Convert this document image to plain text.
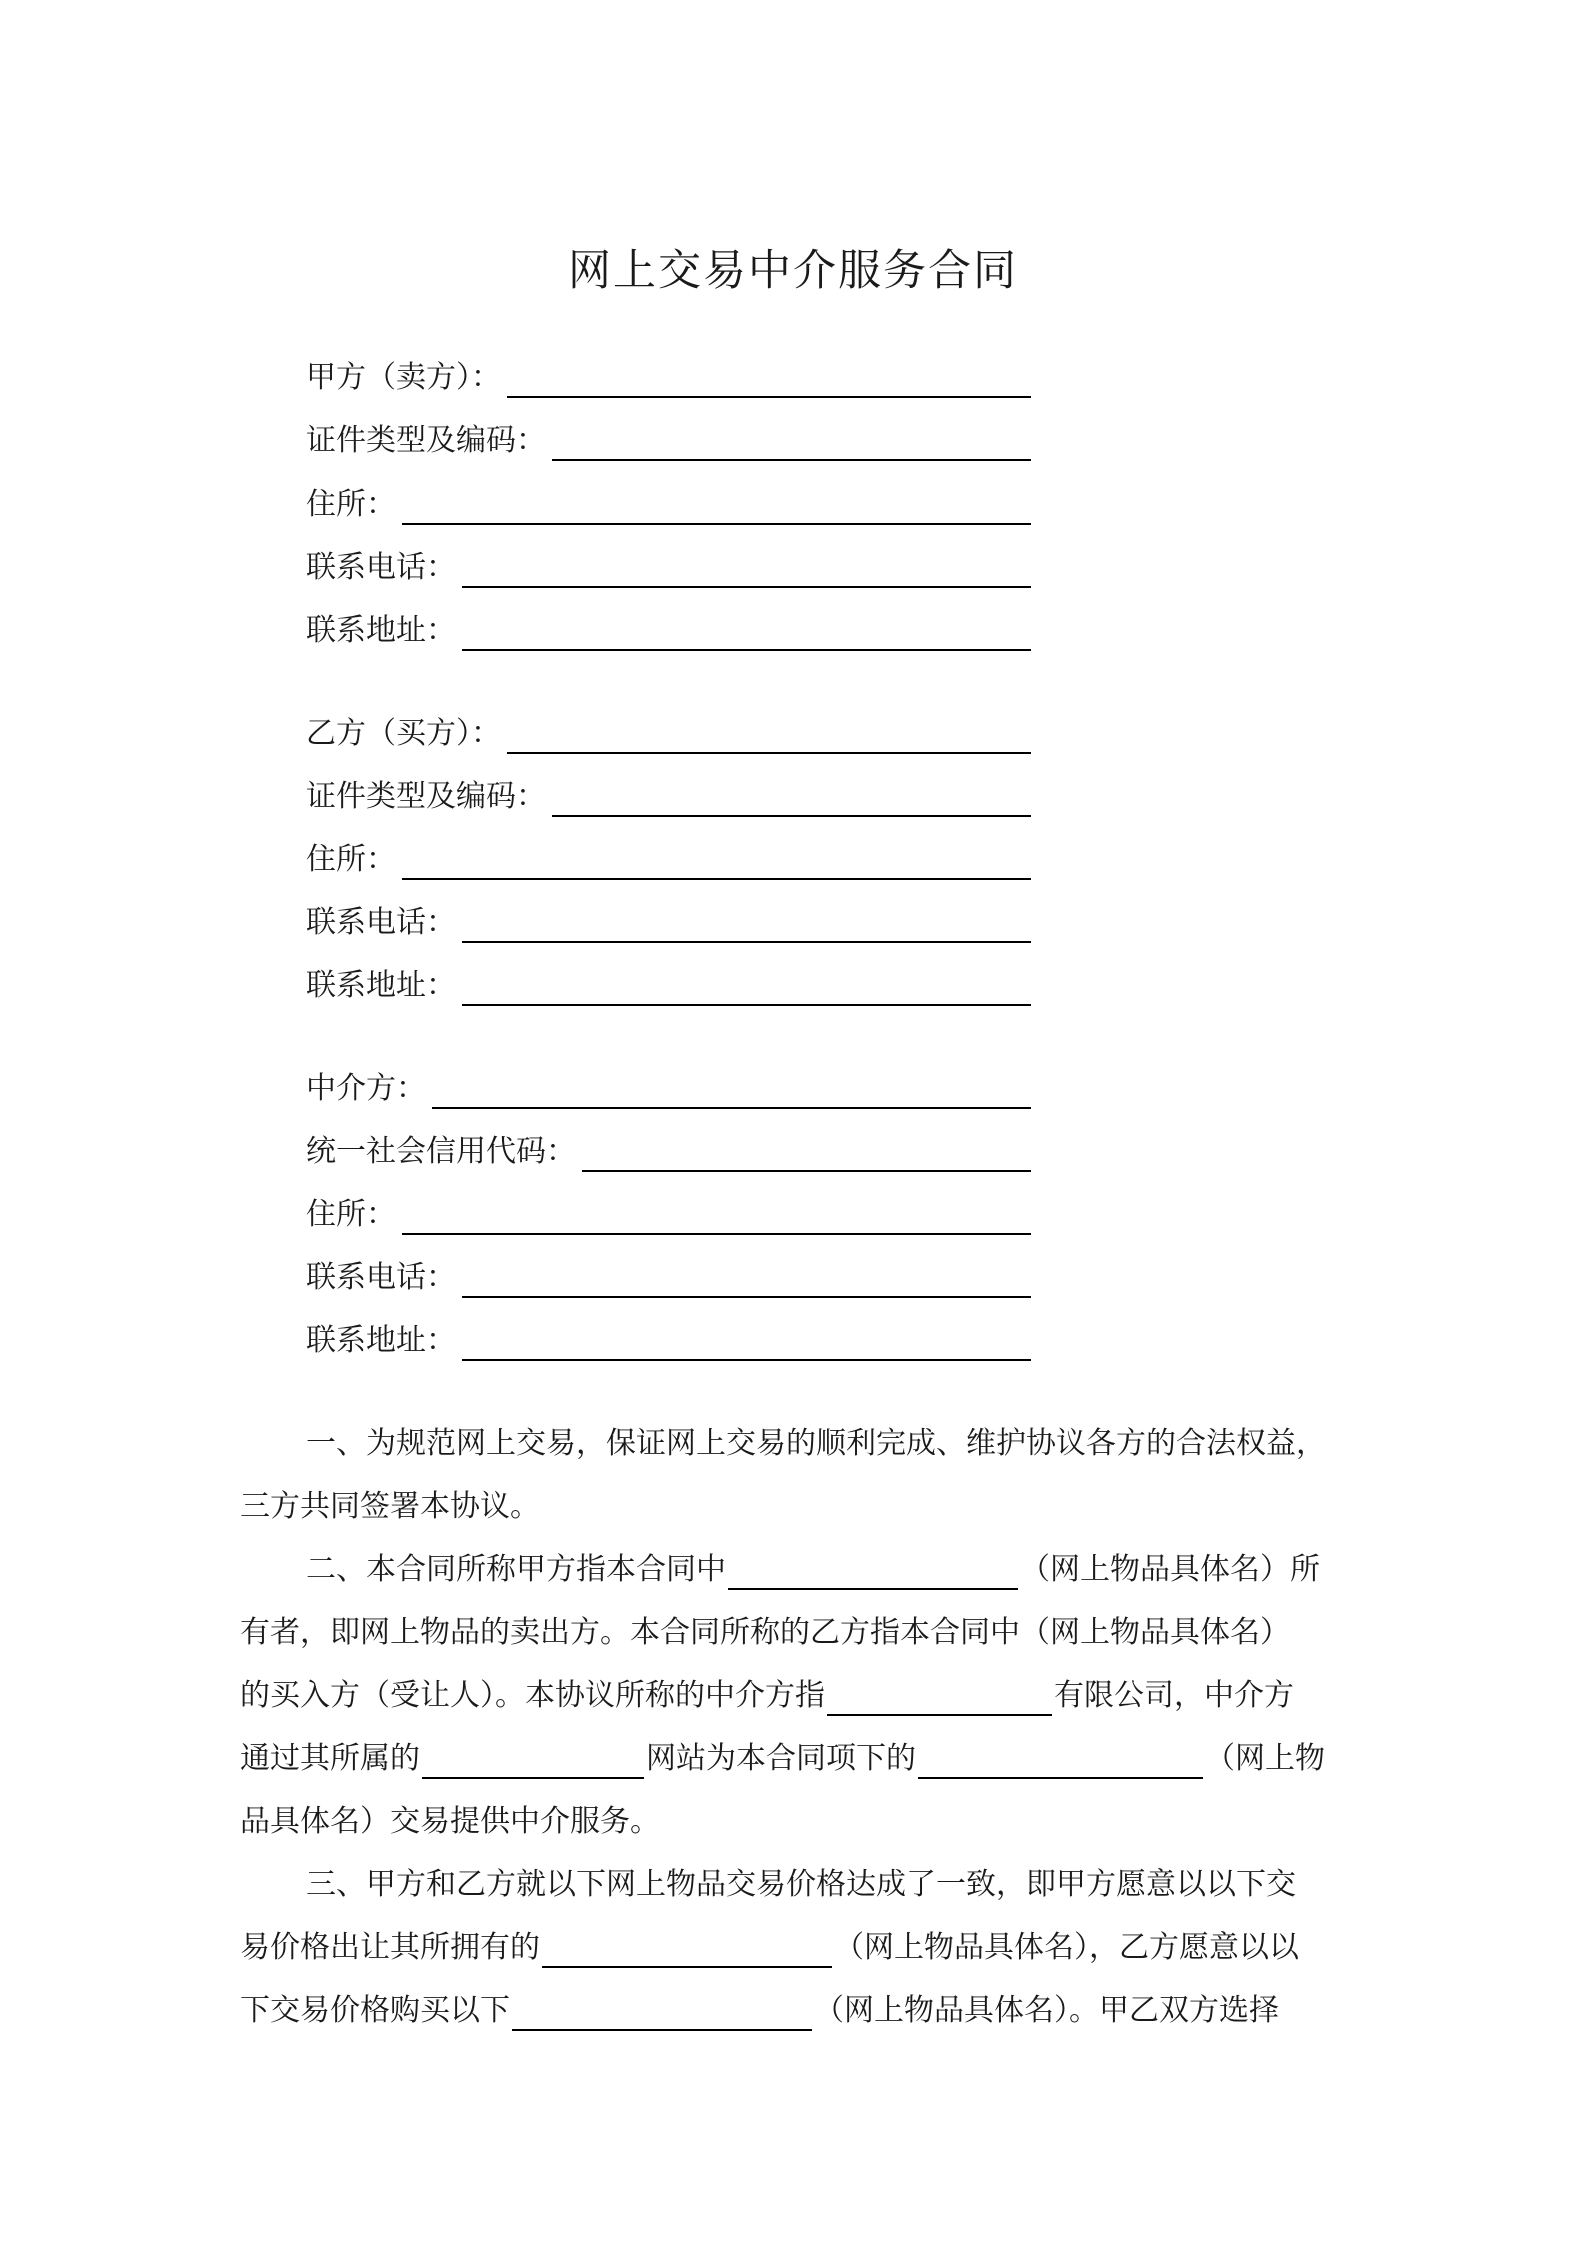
网上交易中介服务合同
甲方（卖方）：
证件类型及编码：
住所：
联系电话：
联系地址：
乙方（买方）：
证件类型及编码：
住所：
联系电话：
联系地址：
中介方：
统一社会信用代码：
住所：
联系电话：
联系地址：
一、为规范网上交易，保证网上交易的顺利完成、维护协议各方的合法权益，
三方共同签署本协议。
二、本合同所称甲方指本合同中	（网上物品具体名）所
有者，即网上物品的卖出方。本合同所称的乙方指本合同中（网上物品具体名）
的买入方（受让人）。本协议所称的中介方指	有限公司，中介方
通过其所属的	网站为本合同项下的	（网上物
品具体名）交易提供中介服务。
三、甲方和乙方就以下网上物品交易价格达成了一致，即甲方愿意以以下交
易价格出让其所拥有的	（网上物品具体名），乙方愿意以以
下交易价格购买以下	（网上物品具体名）。甲乙双方选择
